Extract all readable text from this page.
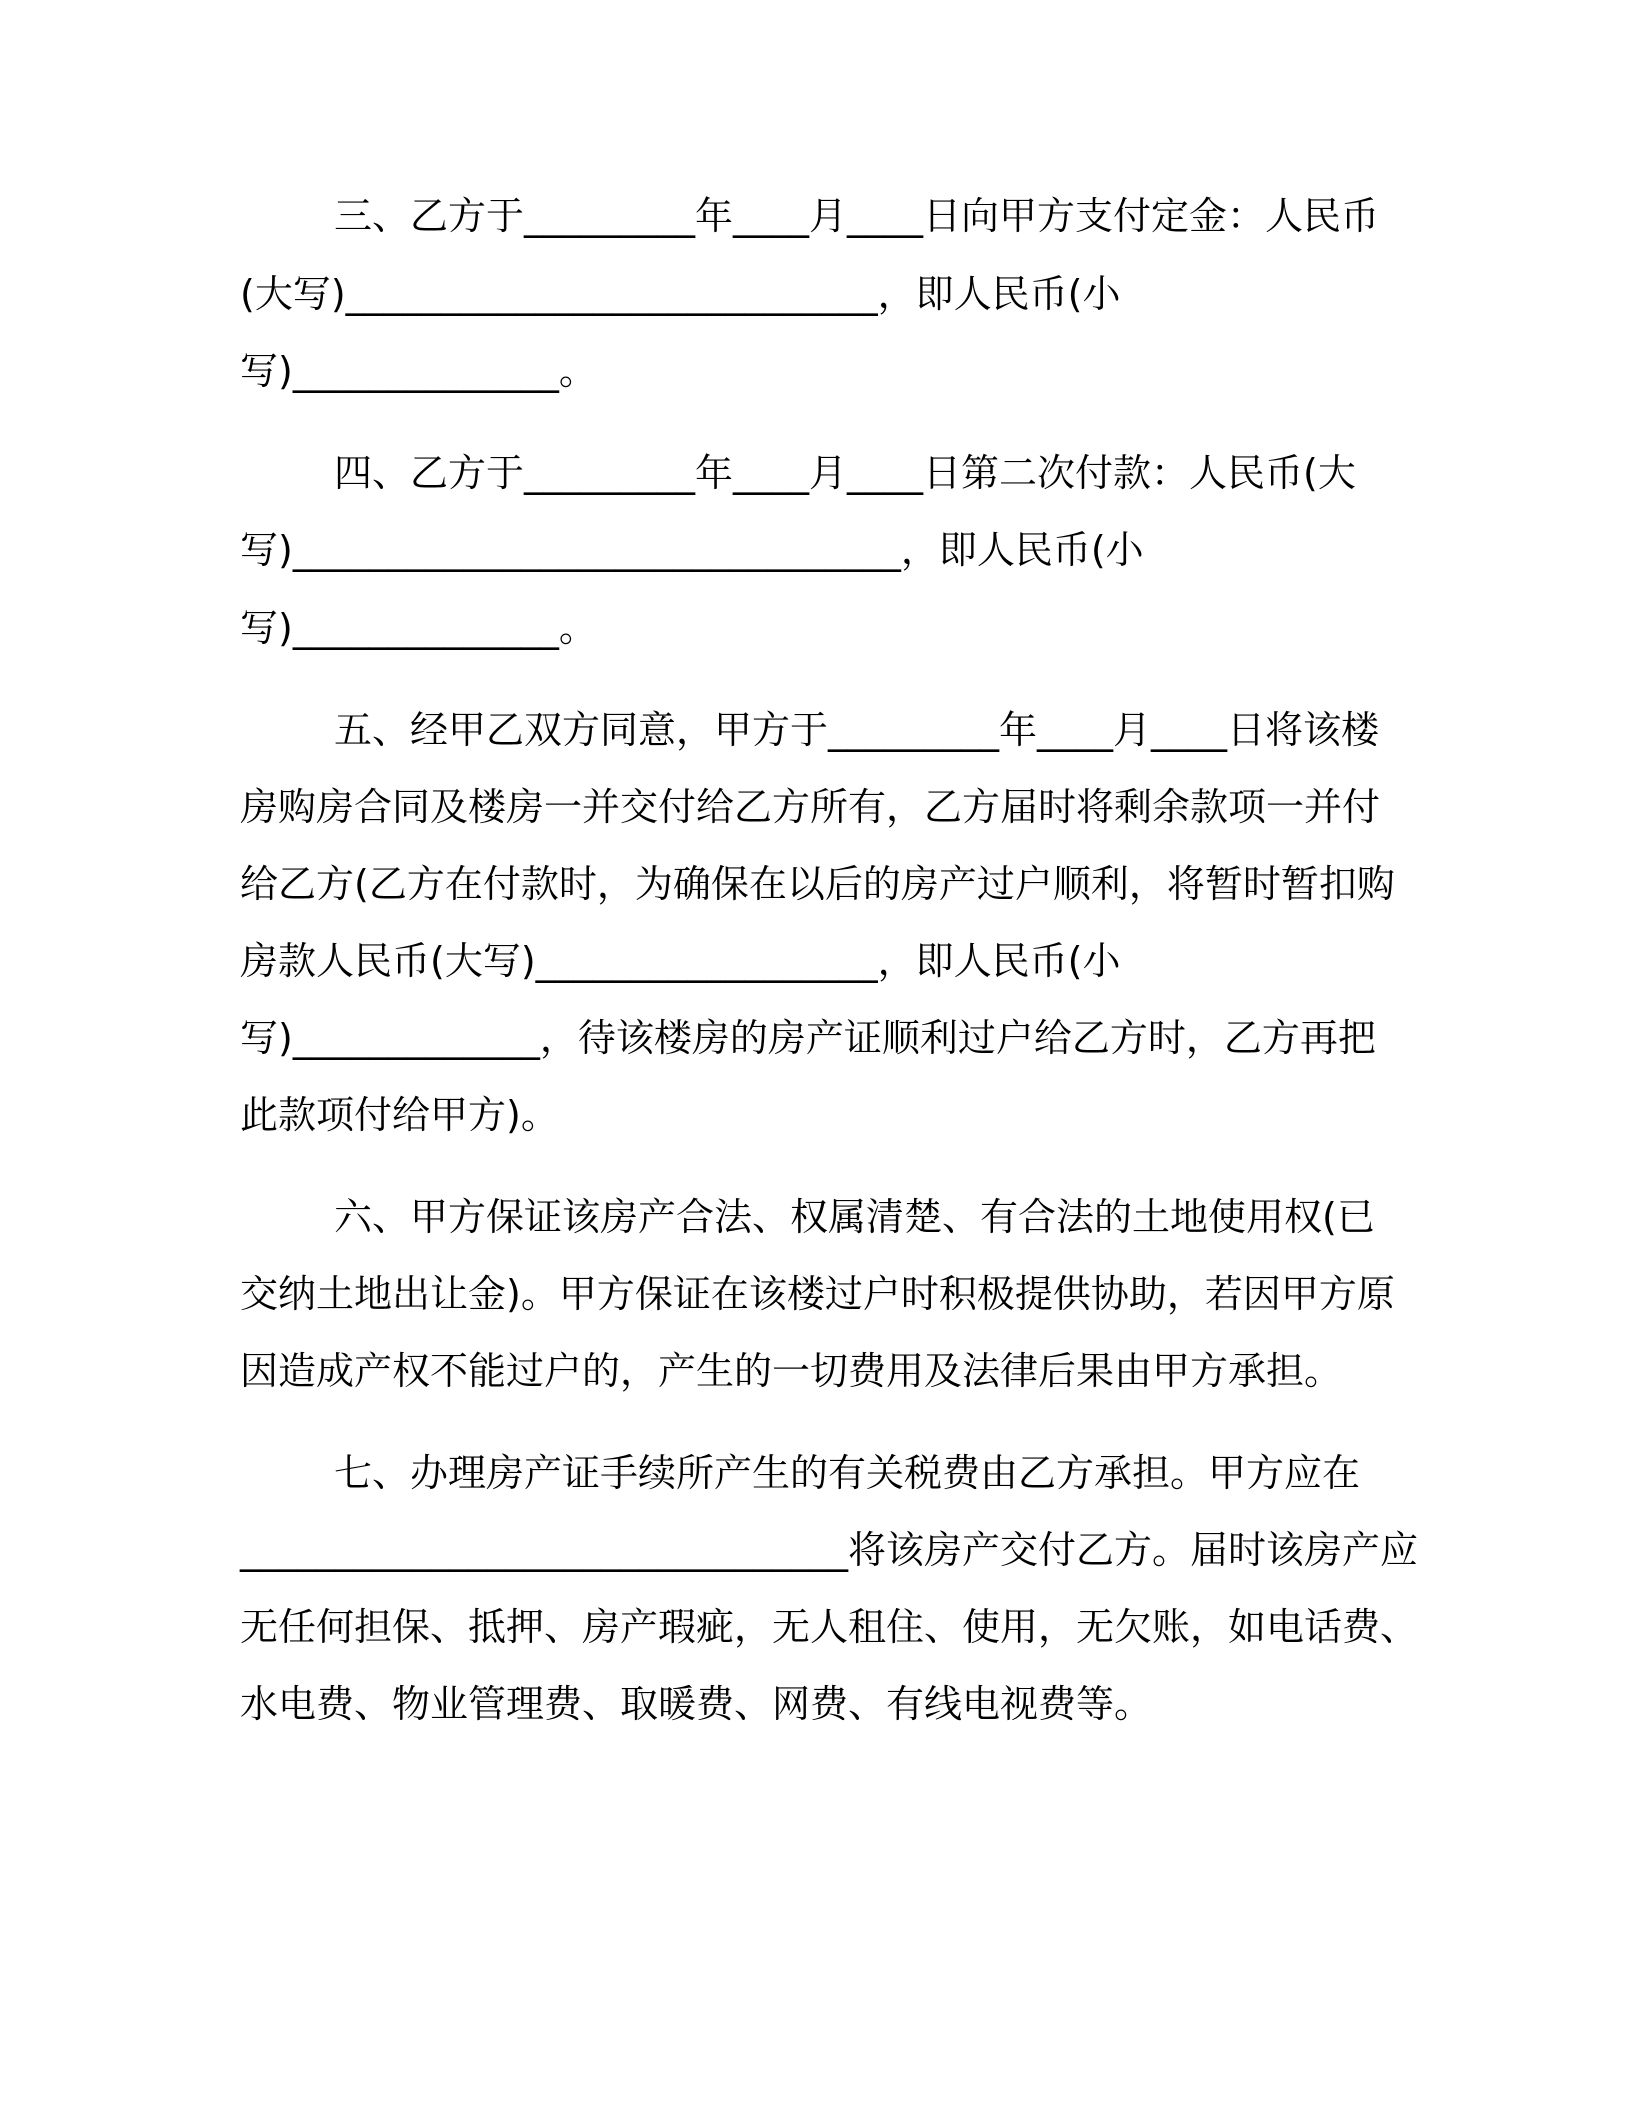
三、乙方于_________年____月____日向甲方支付定金：人民币
(大写)____________________________，即人民币(小
写)______________。
四、乙方于_________年____月____日第二次付款：人民币(大
写)________________________________，即人民币(小
写)______________。
五、经甲乙双方同意，甲方于_________年____月____日将该楼
房购房合同及楼房一并交付给乙方所有，乙方届时将剩余款项一并付
给乙方(乙方在付款时，为确保在以后的房产过户顺利，将暂时暂扣购
房款人民币(大写)__________________，即人民币(小
写)_____________，待该楼房的房产证顺利过户给乙方时，乙方再把
此款项付给甲方)。
六、甲方保证该房产合法、权属清楚、有合法的土地使用权(已
交纳土地出让金)。甲方保证在该楼过户时积极提供协助，若因甲方原
因造成产权不能过户的，产生的一切费用及法律后果由甲方承担。
七、办理房产证手续所产生的有关税费由乙方承担。甲方应在
________________________________将该房产交付乙方。届时该房产应
无任何担保、抵押、房产瑕疵，无人租住、使用，无欠账，如电话费、
水电费、物业管理费、取暖费、网费、有线电视费等。
